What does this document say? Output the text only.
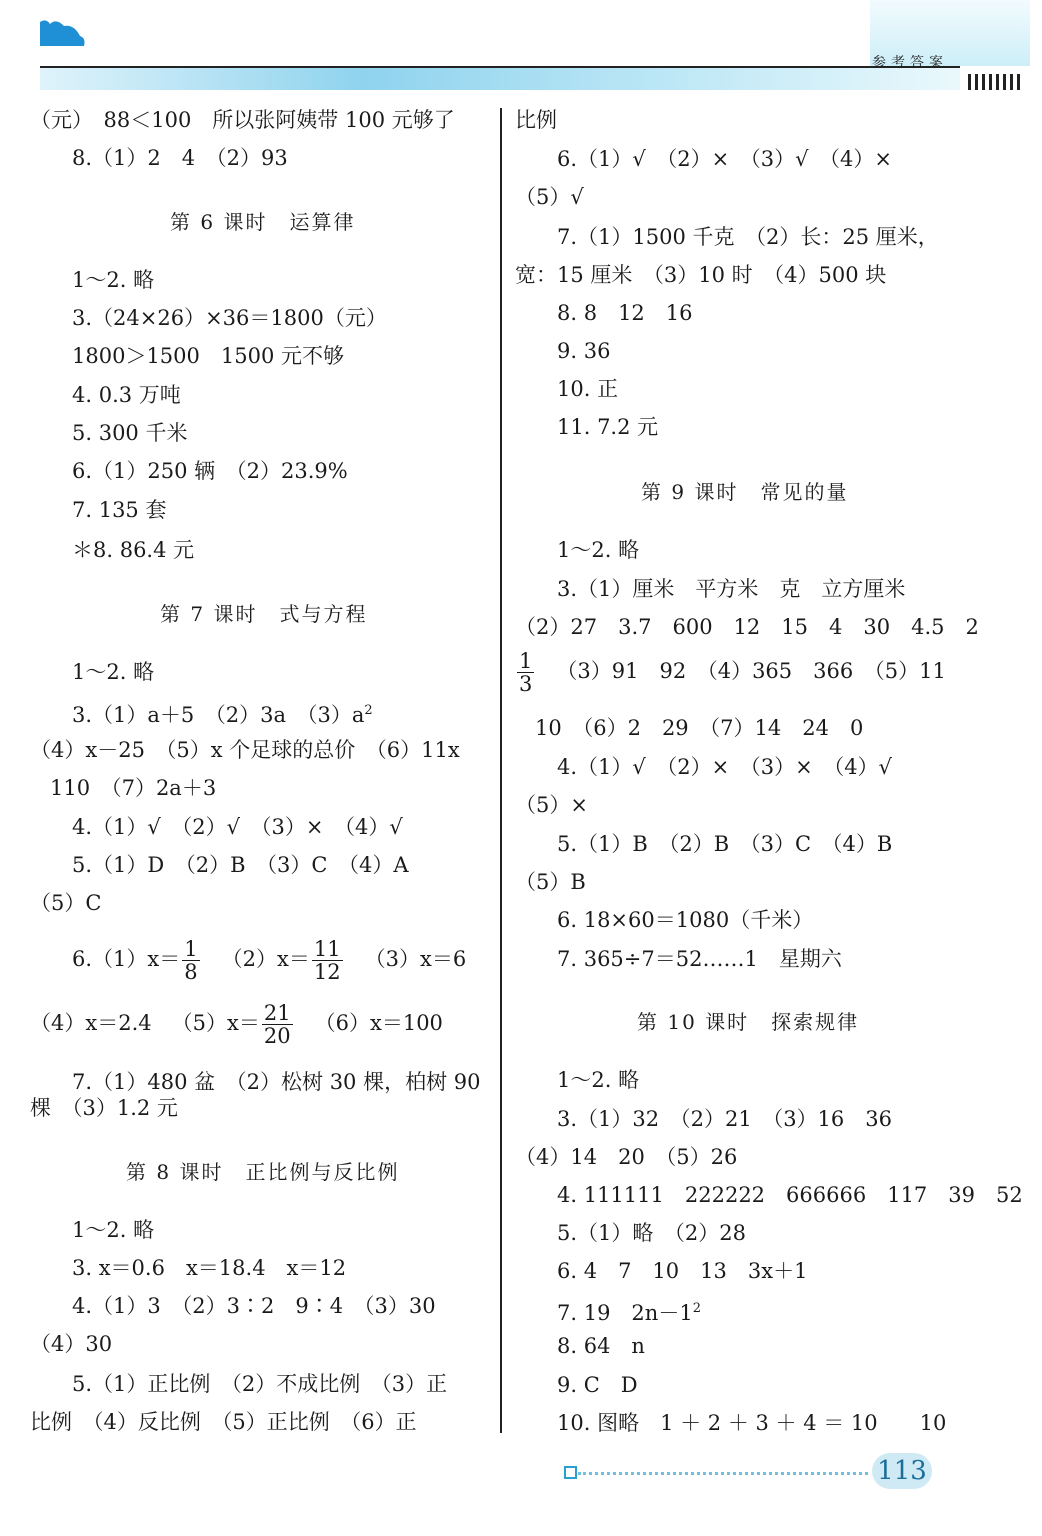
参考答案
$6.(1)x= \frac{1}{8} (2)x= \frac{11}{12} (3)x=6$
（4）x＝2.4 $(5)x= \frac{21}{20} (6)x=100$
（元）　88＜100　所以张阿姨带 100 元够了
8.（1）2　4　（2）93
第 6 课时　运算律
1～2. 略
3.（24×26）×36＝1800（元）
1800＞1500　1500 元不够
4. 0.3 万吨
5. 300 千米
6.（1）250 辆　（2）23.9%
7. 135 套
＊8. 86.4 元
第 7 课时　式与方程
1～2. 略
3.（1）a＋5　（2）3a　$(3)a^2$
（4）x－25　（5）x 个足球的总价　（6）11x
110　（7）2a＋3
4.（1）√　（2）√　（3）×　（4）√
5.（1）D　（2）B　（3）C　（4）A
（5）C
7.（1）480 盆　（2）松树 30 棵，柏树 90
棵　（3）1.2 元
第 8 课时　正比例与反比例
1～2. 略
3. x＝0.6　x＝18.4　x＝12
4.（1）3　（2）3∶2　9∶4　（3）30
（4）30
5.（1）正比例　（2）不成比例　（3）正
比例　（4）反比例　（5）正比例　（6）正
$\frac{1}{3} (3)91$　92　（4）365　366　（5）11
比例
6.（1）√　（2）×　（3）√　（4）×
（5）√
7.（1）1500 千克　（2）长：25 厘米，
宽：15 厘米　（3）10 时　（4）500 块
8. 8　12　16
9. 36
10. 正
11. 7.2 元
第 9 课时　常见的量
1～2. 略
3.（1）厘米　平方米　克　立方厘米
（2）27　3.7　600　12　15　4　30　4.5　2
10　（6）2　29　（7）14　24　0
4.（1）√　（2）×　（3）×　（4）√
（5）×
5.（1）B　（2）B　（3）C　（4）B
（5）B
6. 18×60＝1080（千米）
7. 365÷7＝52……1　星期六
第 10 课时　探索规律
1～2. 略
3.（1）32　（2）21　（3）16　36
（4）14　20　（5）26
4. 111111　222222　666666　117　39　52
5.（1）略　（2）28
6. 4　7　10　13　3x＋1
7. 19　$2n-1^2$
8. 64　n
9. C　D
10. 图略　1 ＋ 2 ＋ 3 ＋ 4 ＝ 10　　10
113
